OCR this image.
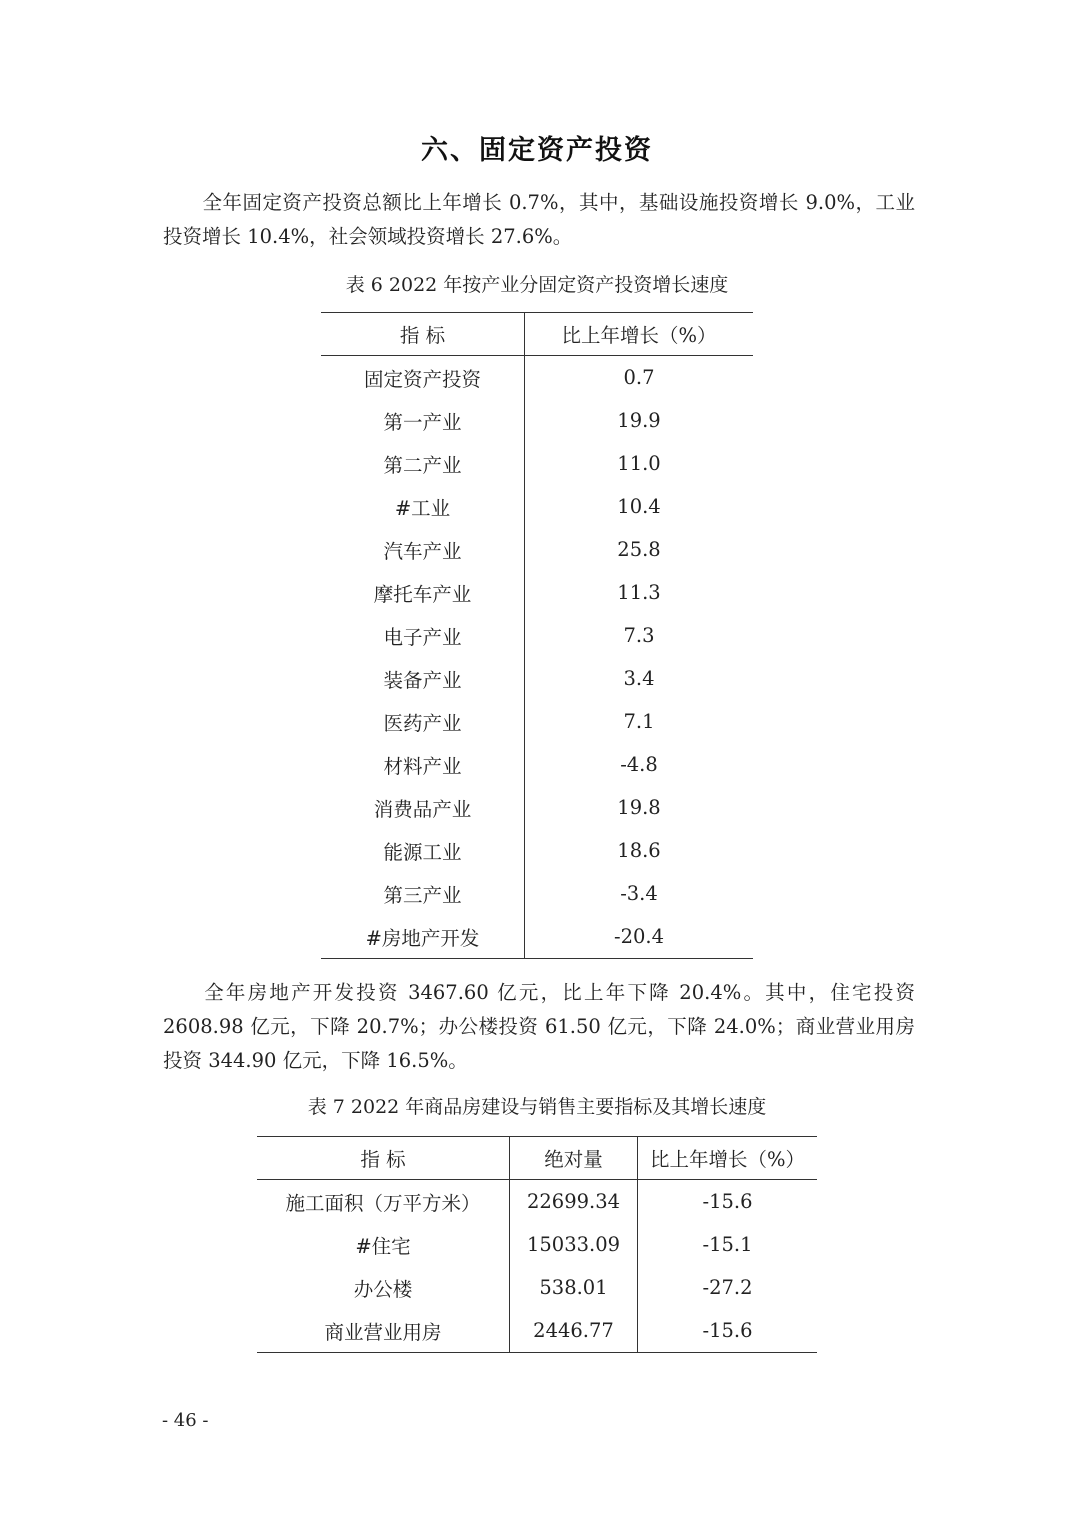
六、固定资产投资
全年固定资产投资总额比上年增长 0.7%，其中，基础设施投资增长 9.0%，工业投资增长 10.4%，社会领域投资增长 27.6%。
表 6 2022 年按产业分固定资产投资增长速度
指 标	比上年增长（%）
固定资产投资	0.7
第一产业	19.9
第二产业	11.0
#工业	10.4
汽车产业	25.8
摩托车产业	11.3
电子产业	7.3
装备产业	3.4
医药产业	7.1
材料产业	-4.8
消费品产业	19.8
能源工业	18.6
第三产业	-3.4
#房地产开发	-20.4
全年房地产开发投资 3467.60 亿元，比上年下降 20.4%。其中，住宅投资 2608.98 亿元，下降 20.7%；办公楼投资 61.50 亿元，下降 24.0%；商业营业用房投资 344.90 亿元，下降 16.5%。
表 7 2022 年商品房建设与销售主要指标及其增长速度
指 标	绝对量	比上年增长（%）
施工面积（万平方米）	22699.34	-15.6
#住宅	15033.09	-15.1
办公楼	538.01	-27.2
商业营业用房	2446.77	-15.6
- 46 -
